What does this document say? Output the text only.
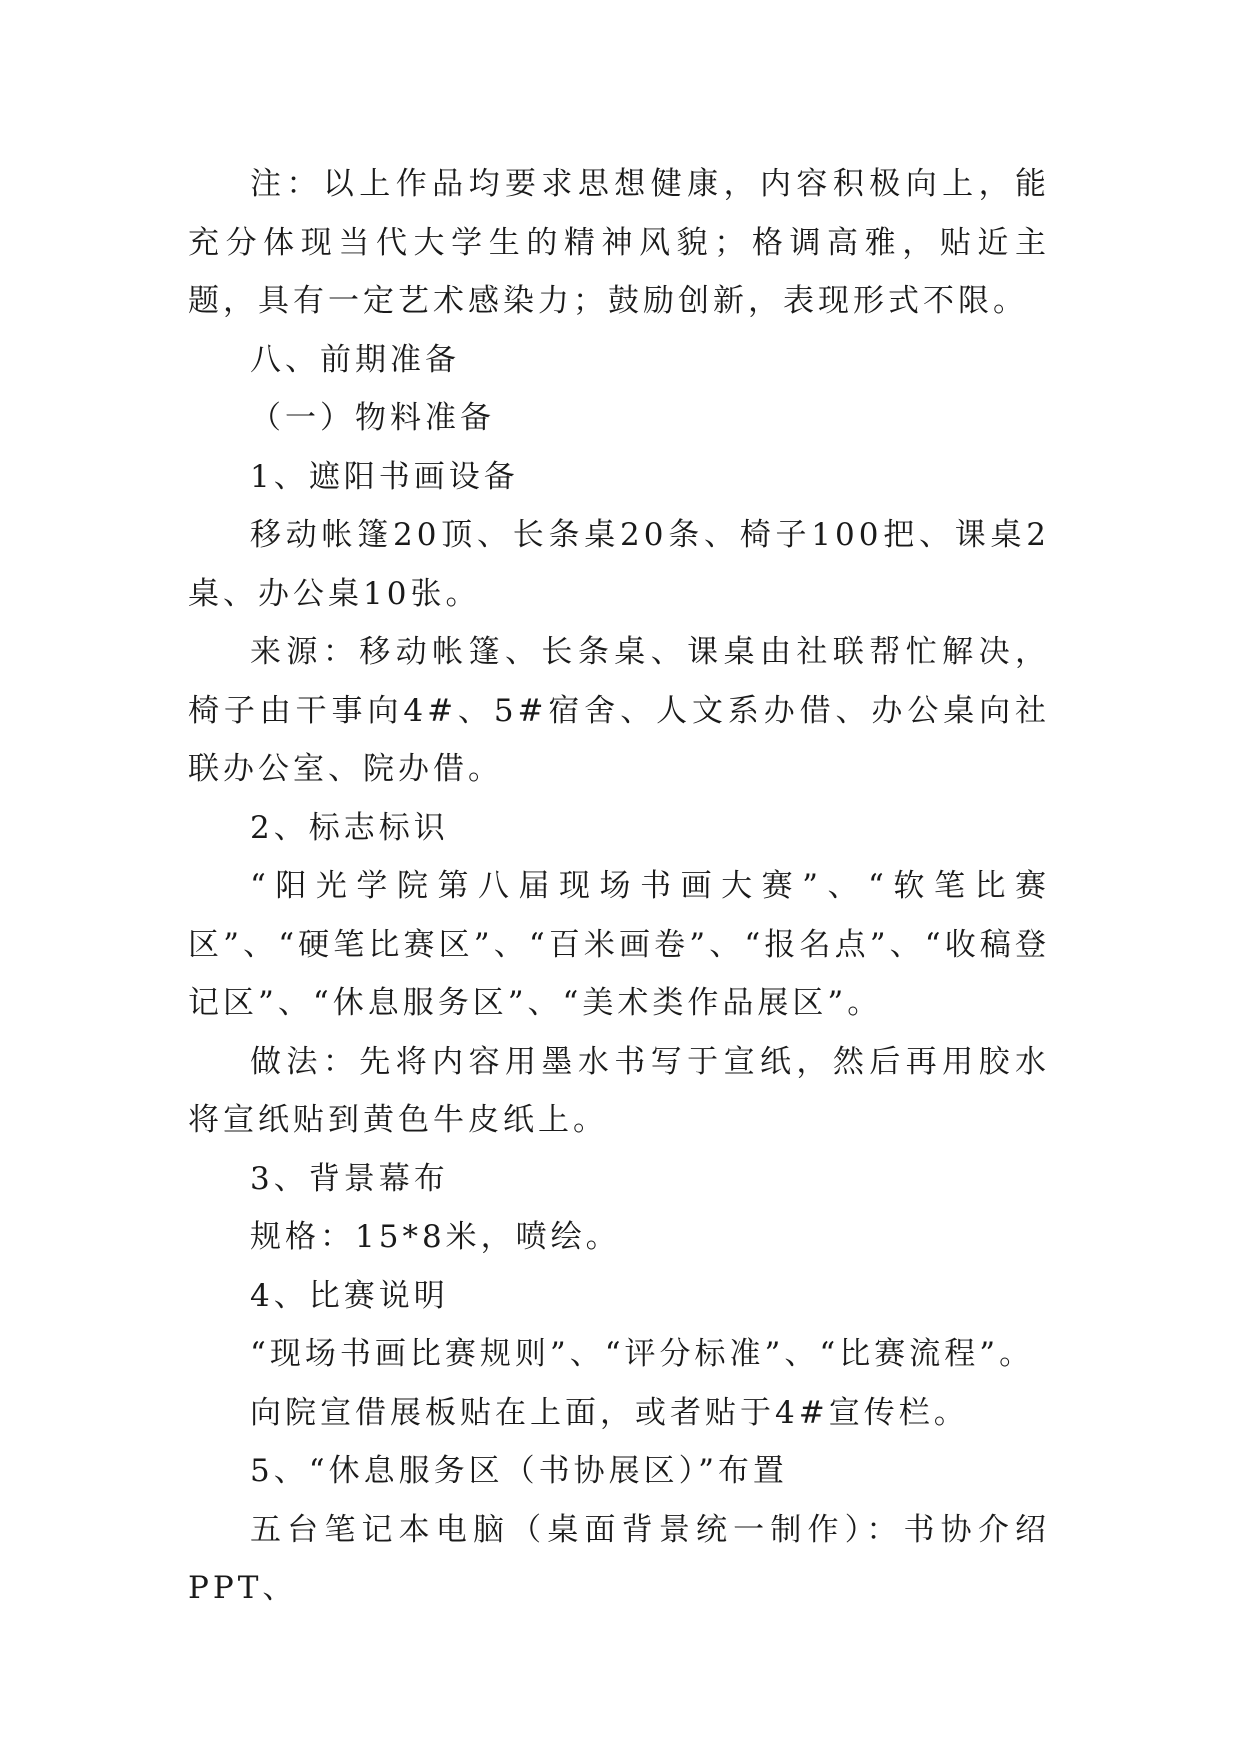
注：以上作品均要求思想健康，内容积极向上，能充分体现当代大学生的精神风貌；格调高雅，贴近主题，具有一定艺术感染力；鼓励创新，表现形式不限。

八、前期准备

（一）物料准备

1、遮阳书画设备

移动帐篷20顶、长条桌20条、椅子100把、课桌2桌、办公桌10张。

来源：移动帐篷、长条桌、课桌由社联帮忙解决，椅子由干事向4#、5#宿舍、人文系办借、办公桌向社联办公室、院办借。

2、标志标识

“阳光学院第八届现场书画大赛”、“软笔比赛区”、“硬笔比赛区”、“百米画卷”、“报名点”、“收稿登记区”、“休息服务区”、“美术类作品展区”。

做法：先将内容用墨水书写于宣纸，然后再用胶水将宣纸贴到黄色牛皮纸上。

3、背景幕布

规格：15*8米，喷绘。

4、比赛说明

“现场书画比赛规则”、“评分标准”、“比赛流程”。

向院宣借展板贴在上面，或者贴于4#宣传栏。

5、“休息服务区（书协展区）”布置

五台笔记本电脑（桌面背景统一制作）：书协介绍PPT、
